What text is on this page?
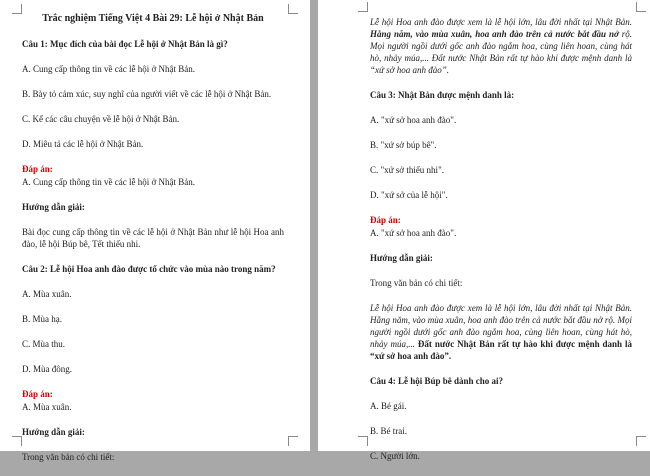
Trắc nghiệm Tiếng Việt 4 Bài 29: Lễ hội ở Nhật Bản
Câu 1: Mục đích của bài đọc Lễ hội ở Nhật Bản là gì?
A. Cung cấp thông tin về các lễ hội ở Nhật Bản.
B. Bày tỏ cảm xúc, suy nghĩ của người viết về các lễ hội ở Nhật Bản.
C. Kể các câu chuyện về lễ hội ở Nhật Bản.
D. Miêu tả các lễ hội ở Nhật Bản.
Đáp án:
A. Cung cấp thông tin về các lễ hội ở Nhật Bản.
Hướng dẫn giải:
Bài đọc cung cấp thông tin về các lễ hội ở Nhật Bản như lễ hội Hoa anh đào, lễ hội Búp bê, Tết thiếu nhi.
Câu 2: Lễ hội Hoa anh đào được tổ chức vào mùa nào trong năm?
A. Mùa xuân.
B. Mùa hạ.
C. Mùa thu.
D. Mùa đông.
Đáp án:
A. Mùa xuân.
Hướng dẫn giải:
Trong văn bản có chi tiết:
Lễ hội Hoa anh đào được xem là lễ hội lớn, lâu đời nhất tại Nhật Bản. Hằng năm, vào mùa xuân, hoa anh đào trên cả nước bắt đầu nở rộ. Mọi người ngồi dưới gốc anh đào ngắm hoa, cùng liên hoan, cùng hát hò, nhảy múa,... Đất nước Nhật Bản rất tự hào khi được mệnh danh là “xứ sở hoa anh đào”.
Câu 3: Nhật Bản được mệnh danh là:
A. "xứ sở hoa anh đào".
B. "xứ sở búp bê".
C. "xứ sở thiếu nhi".
D. "xứ sở của lễ hội".
Đáp án:
A. "xứ sở hoa anh đào".
Hướng dẫn giải:
Trong văn bản có chi tiết:
Lễ hội Hoa anh đào được xem là lễ hội lớn, lâu đời nhất tại Nhật Bản. Hằng năm, vào mùa xuân, hoa anh đào trên cả nước bắt đầu nở rộ. Mọi người ngồi dưới gốc anh đào ngắm hoa, cùng liên hoan, cùng hát hò, nhảy múa,... Đất nước Nhật Bản rất tự hào khi được mệnh danh là “xứ sở hoa anh đào”.
Câu 4: Lễ hội Búp bê dành cho ai?
A. Bé gái.
B. Bé trai.
C. Người lớn.
